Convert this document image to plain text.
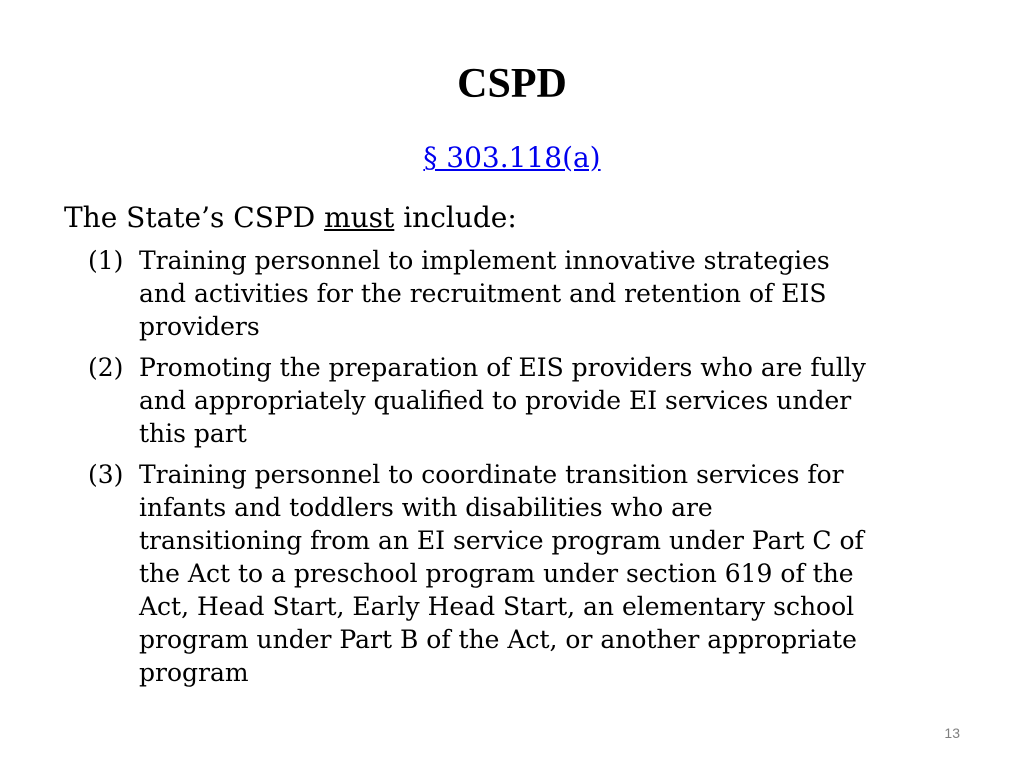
CSPD
§ 303.118(a)
The State’s CSPD must include:
(1) Training personnel to implement innovative strategies
and activities for the recruitment and retention of EIS
providers
(2) Promoting the preparation of EIS providers who are fully
and appropriately qualified to provide EI services under
this part
(3) Training personnel to coordinate transition services for
infants and toddlers with disabilities who are
transitioning from an EI service program under Part C of
the Act to a preschool program under section 619 of the
Act, Head Start, Early Head Start, an elementary school
program under Part B of the Act, or another appropriate
program
13
